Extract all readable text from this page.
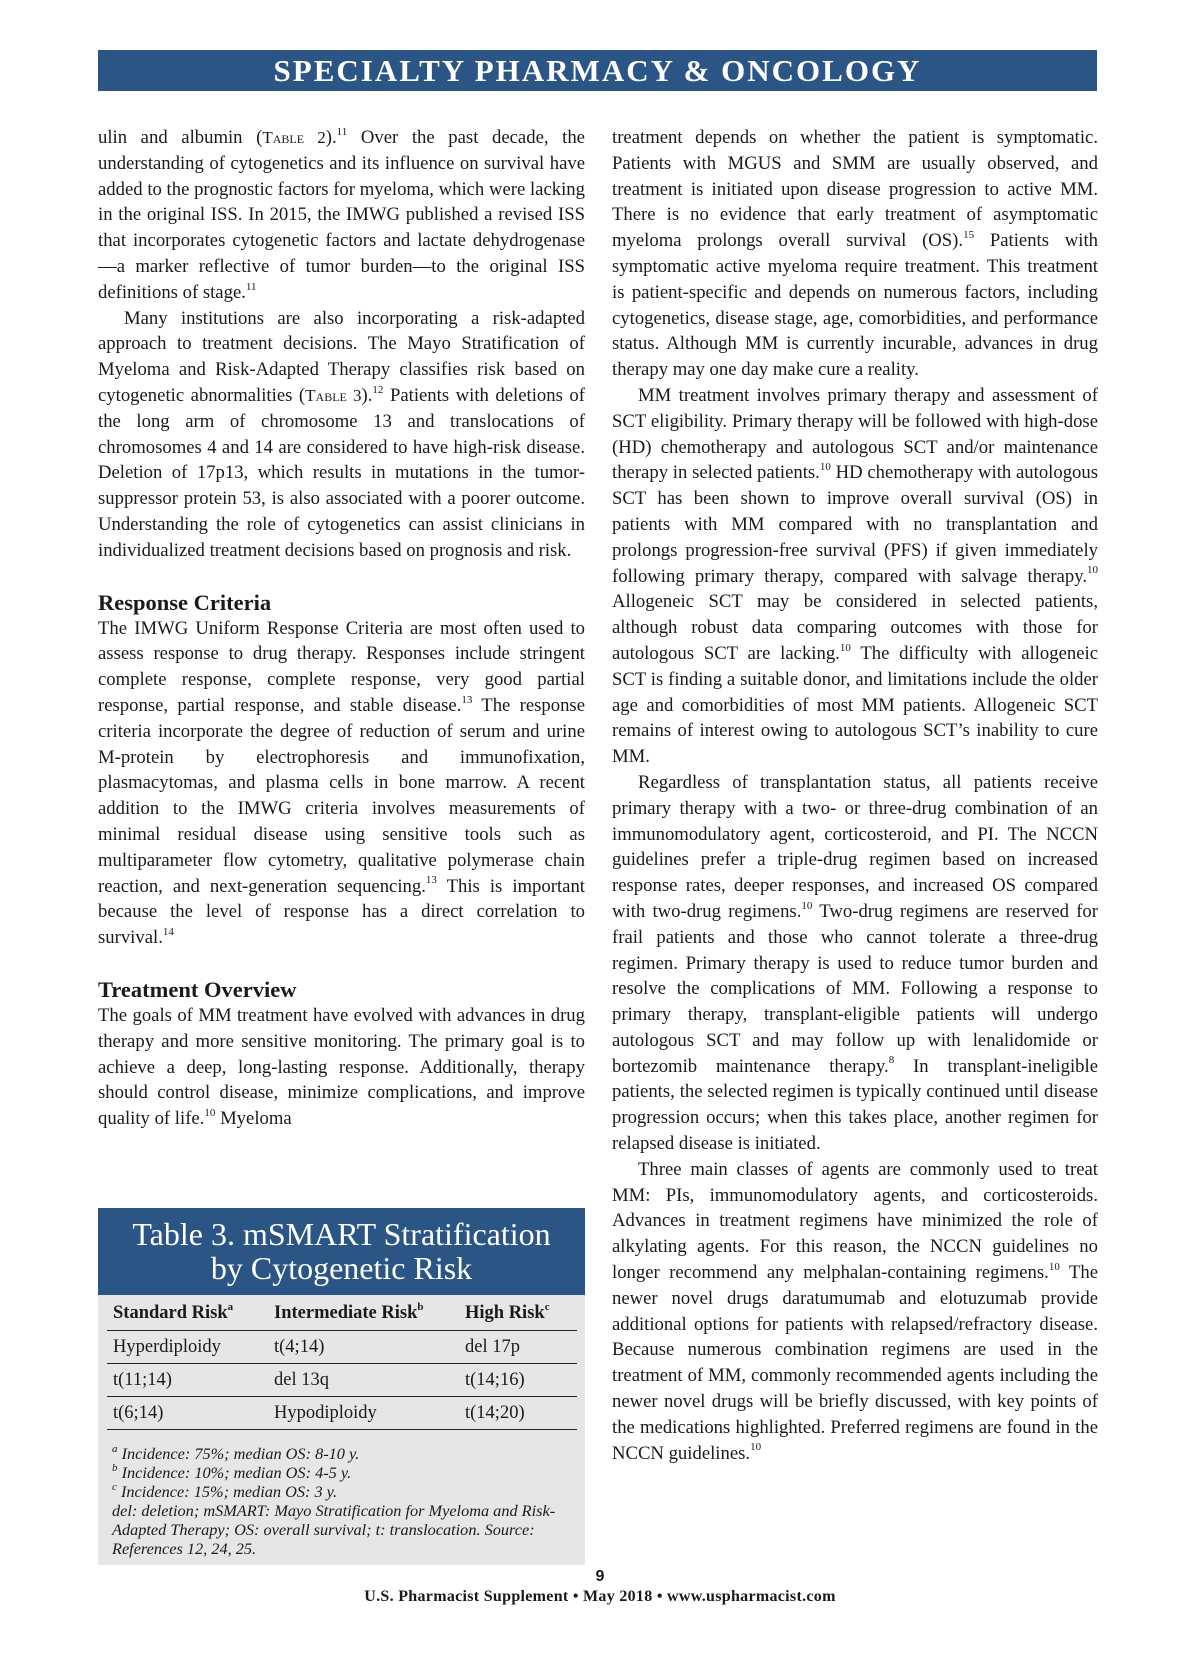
SPECIALTY PHARMACY & ONCOLOGY

ulin and albumin (Table 2).$^{11}$ Over the past decade, the understanding of cytogenetics and its influence on survival have added to the prognostic factors for myeloma, which were lacking in the original ISS. In 2015, the IMWG published a revised ISS that incorporates cytogenetic factors and lactate dehydrogenase—a marker reflective of tumor burden—to the original ISS definitions of stage.$^{11}$

Many institutions are also incorporating a risk-adapted approach to treatment decisions. The Mayo Stratification of Myeloma and Risk-Adapted Therapy classifies risk based on cytogenetic abnormalities (Table 3).$^{12}$ Patients with deletions of the long arm of chromosome 13 and translocations of chromosomes 4 and 14 are considered to have high-risk disease. Deletion of 17p13, which results in mutations in the tumor-suppressor protein 53, is also associated with a poorer outcome. Understanding the role of cytogenetics can assist clinicians in individualized treatment decisions based on prognosis and risk.

Response Criteria

The IMWG Uniform Response Criteria are most often used to assess response to drug therapy. Responses include stringent complete response, complete response, very good partial response, partial response, and stable disease.$^{13}$ The response criteria incorporate the degree of reduction of serum and urine M-protein by electrophoresis and immunofixation, plasmacytomas, and plasma cells in bone marrow. A recent addition to the IMWG criteria involves measurements of minimal residual disease using sensitive tools such as multiparameter flow cytometry, qualitative polymerase chain reaction, and next-generation sequencing.$^{13}$ This is important because the level of response has a direct correlation to survival.$^{14}$

Treatment Overview

The goals of MM treatment have evolved with advances in drug therapy and more sensitive monitoring. The primary goal is to achieve a deep, long-lasting response. Additionally, therapy should control disease, minimize complications, and improve quality of life.$^{10}$ Myeloma

Table 3. mSMART Stratification
by Cytogenetic Risk
Standard Risk$^a$	Intermediate Risk$^b$	High Risk$^c$
Hyperdiploidy	t(4;14)	del 17p
t(11;14)	del 13q	t(14;16)
t(6;14)	Hypodiploidy	t(14;20)
$^a$ Incidence: 75%; median OS: 8-10 y.
$^b$ Incidence: 10%; median OS: 4-5 y.
$^c$ Incidence: 15%; median OS: 3 y.
del: deletion; mSMART: Mayo Stratification for Myeloma and Risk-Adapted Therapy; OS: overall survival; t: translocation. Source: References 12, 24, 25.

treatment depends on whether the patient is symptomatic. Patients with MGUS and SMM are usually observed, and treatment is initiated upon disease progression to active MM. There is no evidence that early treatment of asymptomatic myeloma prolongs overall survival (OS).$^{15}$ Patients with symptomatic active myeloma require treatment. This treatment is patient-specific and depends on numerous factors, including cytogenetics, disease stage, age, comorbidities, and performance status. Although MM is currently incurable, advances in drug therapy may one day make cure a reality.

MM treatment involves primary therapy and assessment of SCT eligibility. Primary therapy will be followed with high-dose (HD) chemotherapy and autologous SCT and/or maintenance therapy in selected patients.$^{10}$ HD chemotherapy with autologous SCT has been shown to improve overall survival (OS) in patients with MM compared with no transplantation and prolongs progression-free survival (PFS) if given immediately following primary therapy, compared with salvage therapy.$^{10}$ Allogeneic SCT may be considered in selected patients, although robust data comparing outcomes with those for autologous SCT are lacking.$^{10}$ The difficulty with allogeneic SCT is finding a suitable donor, and limitations include the older age and comorbidities of most MM patients. Allogeneic SCT remains of interest owing to autologous SCT’s inability to cure MM.

Regardless of transplantation status, all patients receive primary therapy with a two- or three-drug combination of an immunomodulatory agent, corticosteroid, and PI. The NCCN guidelines prefer a triple-drug regimen based on increased response rates, deeper responses, and increased OS compared with two-drug regimens.$^{10}$ Two-drug regimens are reserved for frail patients and those who cannot tolerate a three-drug regimen. Primary therapy is used to reduce tumor burden and resolve the complications of MM. Following a response to primary therapy, transplant-eligible patients will undergo autologous SCT and may follow up with lenalidomide or bortezomib maintenance therapy.$^8$ In transplant-ineligible patients, the selected regimen is typically continued until disease progression occurs; when this takes place, another regimen for relapsed disease is initiated.

Three main classes of agents are commonly used to treat MM: PIs, immunomodulatory agents, and corticosteroids. Advances in treatment regimens have minimized the role of alkylating agents. For this reason, the NCCN guidelines no longer recommend any melphalan-containing regimens.$^{10}$ The newer novel drugs daratumumab and elotuzumab provide additional options for patients with relapsed/refractory disease. Because numerous combination regimens are used in the treatment of MM, commonly recommended agents including the newer novel drugs will be briefly discussed, with key points of the medications highlighted. Preferred regimens are found in the NCCN guidelines.$^{10}$

9
U.S. Pharmacist Supplement • May 2018 • www.uspharmacist.com
